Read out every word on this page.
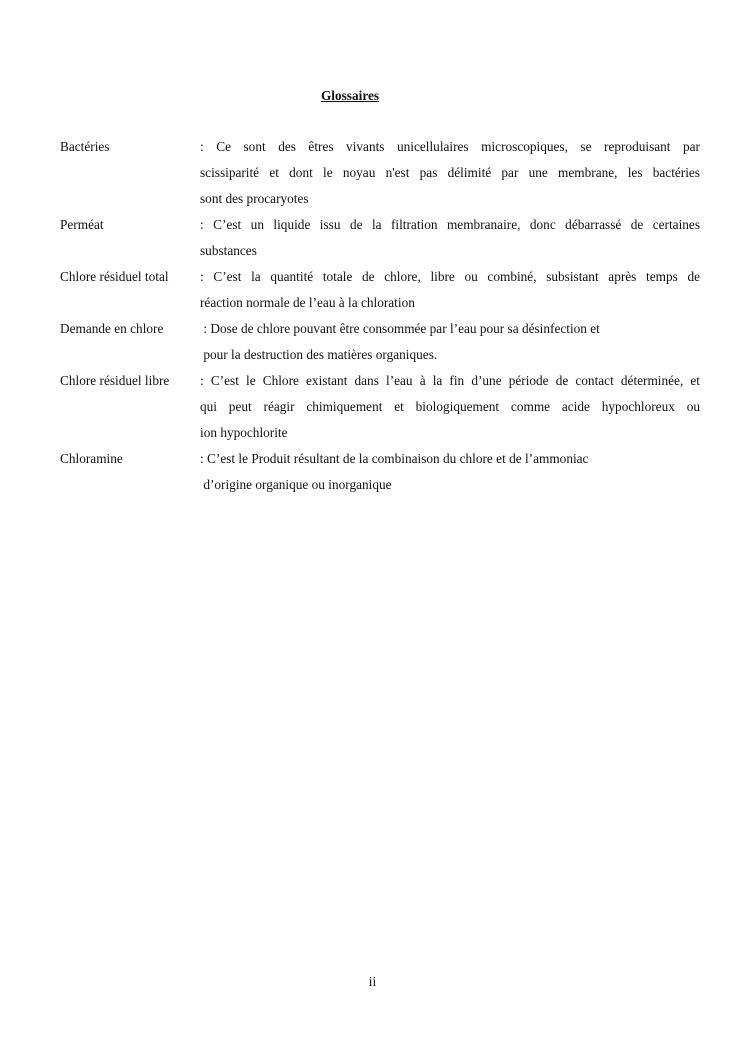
Glossaires
Bactéries	: Ce sont des êtres vivants unicellulaires microscopiques, se reproduisant par
scissiparité et dont le noyau n'est pas délimité par une membrane, les bactéries
sont des procaryotes
Perméat	: C’est un liquide issu de la filtration membranaire, donc débarrassé de certaines
substances
Chlore résiduel total : C’est la quantité totale de chlore, libre ou combiné, subsistant après temps de
réaction normale de l’eau à la chloration
Demande en chlore	: Dose de chlore pouvant être consommée par l’eau pour sa désinfection et
pour la destruction des matières organiques.
Chlore résiduel libre : C’est le Chlore existant dans l’eau à la fin d’une période de contact déterminée, et
qui peut réagir chimiquement et biologiquement comme acide hypochloreux ou
ion hypochlorite
Chloramine	: C’est le Produit résultant de la combinaison du chlore et de l’ammoniac
d’origine organique ou inorganique
ii
